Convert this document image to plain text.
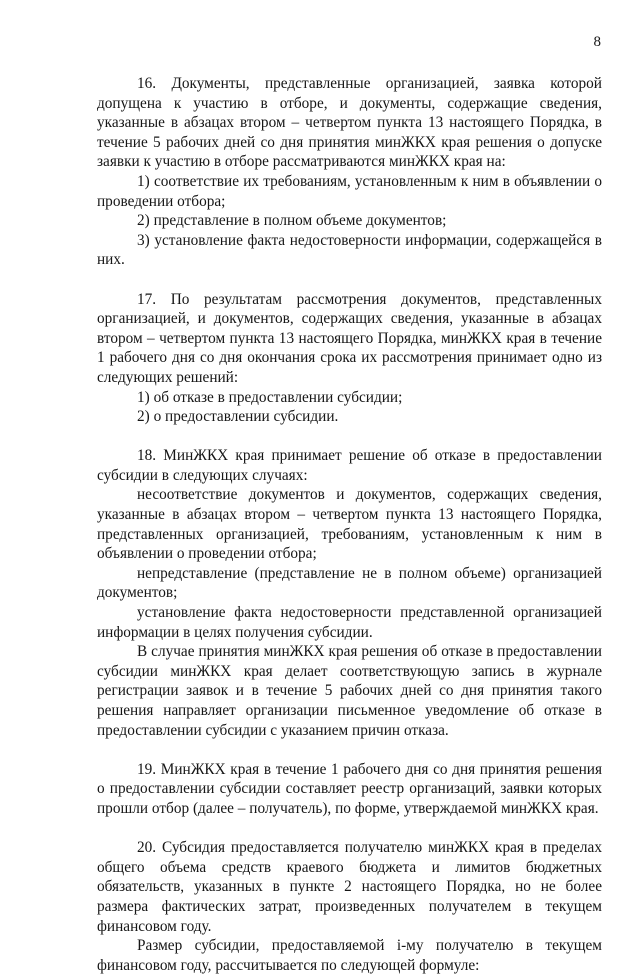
8

16. Документы, представленные организацией, заявка которой допущена к участию в отборе, и документы, содержащие сведения, указанные в абзацах втором – четвертом пункта 13 настоящего Порядка, в течение 5 рабочих дней со дня принятия минЖКХ края решения о допуске заявки к участию в отборе рассматриваются минЖКХ края на:

1) соответствие их требованиям, установленным к ним в объявлении о проведении отбора;

2) представление в полном объеме документов;

3) установление факта недостоверности информации, содержащейся в них.

17. По результатам рассмотрения документов, представленных организацией, и документов, содержащих сведения, указанные в абзацах втором – четвертом пункта 13 настоящего Порядка, минЖКХ края в течение 1 рабочего дня со дня окончания срока их рассмотрения принимает одно из следующих решений:

1) об отказе в предоставлении субсидии;

2) о предоставлении субсидии.

18. МинЖКХ края принимает решение об отказе в предоставлении субсидии в следующих случаях:

несоответствие документов и документов, содержащих сведения, указанные в абзацах втором – четвертом пункта 13 настоящего Порядка, представленных организацией, требованиям, установленным к ним в объявлении о проведении отбора;

непредставление (представление не в полном объеме) организацией документов;

установление факта недостоверности представленной организацией информации в целях получения субсидии.

В случае принятия минЖКХ края решения об отказе в предоставлении субсидии минЖКХ края делает соответствующую запись в журнале регистрации заявок и в течение 5 рабочих дней со дня принятия такого решения направляет организации письменное уведомление об отказе в предоставлении субсидии с указанием причин отказа.

19. МинЖКХ края в течение 1 рабочего дня со дня принятия решения о предоставлении субсидии составляет реестр организаций, заявки которых прошли отбор (далее – получатель), по форме, утверждаемой минЖКХ края.

20. Субсидия предоставляется получателю минЖКХ края в пределах общего объема средств краевого бюджета и лимитов бюджетных обязательств, указанных в пункте 2 настоящего Порядка, но не более размера фактических затрат, произведенных получателем в текущем финансовом году.

Размер субсидии, предоставляемой i-му получателю в текущем финансовом году, рассчитывается по следующей формуле:
